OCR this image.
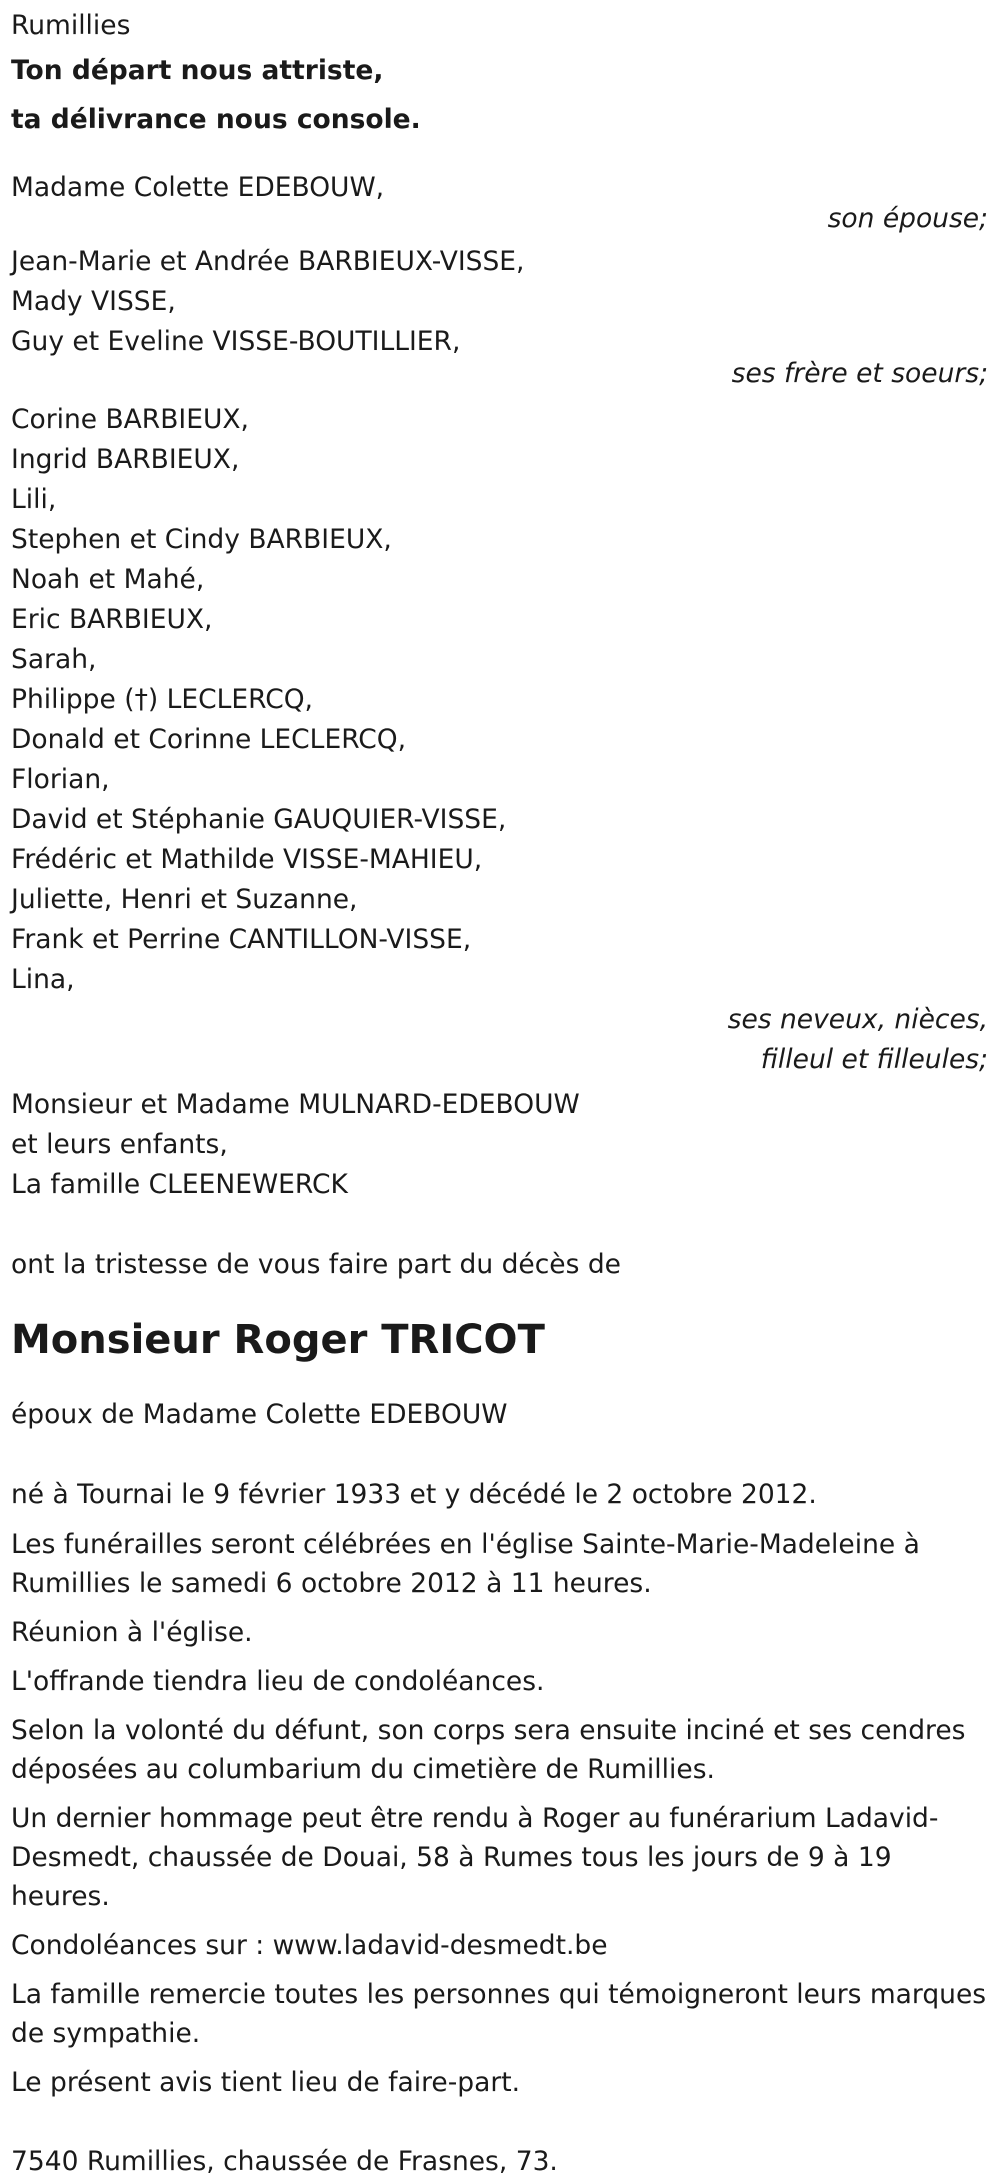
Rumillies
Ton départ nous attriste,
ta délivrance nous console.
Madame Colette EDEBOUW,
son épouse;
Jean-Marie et Andrée BARBIEUX-VISSE,
Mady VISSE,
Guy et Eveline VISSE-BOUTILLIER,
ses frère et soeurs;
Corine BARBIEUX,
Ingrid BARBIEUX,
Lili,
Stephen et Cindy BARBIEUX,
Noah et Mahé,
Eric BARBIEUX,
Sarah,
Philippe (†) LECLERCQ,
Donald et Corinne LECLERCQ,
Florian,
David et Stéphanie GAUQUIER-VISSE,
Frédéric et Mathilde VISSE-MAHIEU,
Juliette, Henri et Suzanne,
Frank et Perrine CANTILLON-VISSE,
Lina,
ses neveux, nièces,
filleul et filleules;
Monsieur et Madame MULNARD-EDEBOUW
et leurs enfants,
La famille CLEENEWERCK
ont la tristesse de vous faire part du décès de
Monsieur Roger TRICOT
époux de Madame Colette EDEBOUW
né à Tournai le 9 février 1933 et y décédé le 2 octobre 2012.
Les funérailles seront célébrées en l'église Sainte-Marie-Madeleine à Rumillies le samedi 6 octobre 2012 à 11 heures.
Réunion à l'église.
L'offrande tiendra lieu de condoléances.
Selon la volonté du défunt, son corps sera ensuite inciné et ses cendres déposées au columbarium du cimetière de Rumillies.
Un dernier hommage peut être rendu à Roger au funérarium Ladavid-Desmedt, chaussée de Douai, 58 à Rumes tous les jours de 9 à 19 heures.
Condoléances sur : www.ladavid-desmedt.be
La famille remercie toutes les personnes qui témoigneront leurs marques de sympathie.
Le présent avis tient lieu de faire-part.
7540 Rumillies, chaussée de Frasnes, 73.
